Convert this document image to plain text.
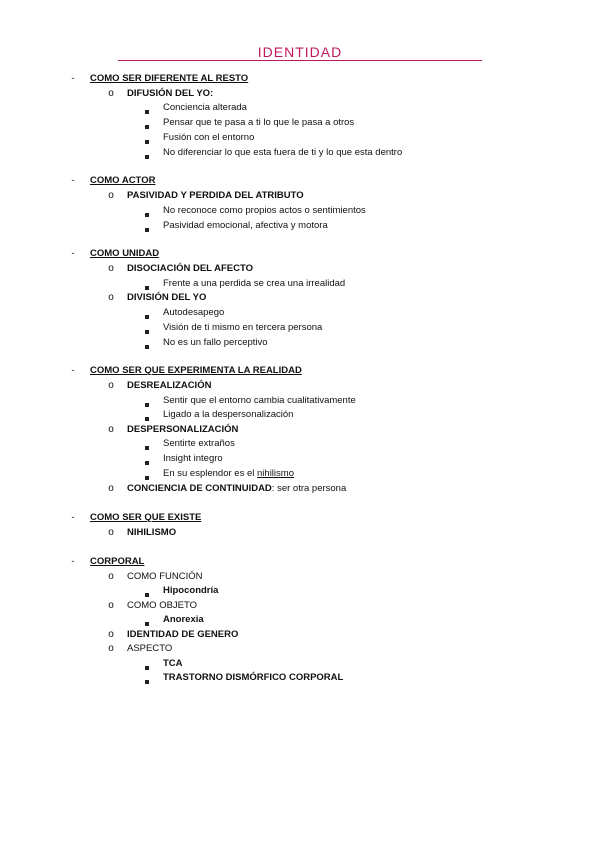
IDENTIDAD
-	COMO SER DIFERENTE AL RESTO
o DIFUSIÓN DEL YO:
Conciencia alterada
Pensar que te pasa a ti lo que le pasa a otros
Fusión con el entorno
No diferenciar lo que esta fuera de ti y lo que esta dentro
-	COMO ACTOR
o PASIVIDAD Y PERDIDA DEL ATRIBUTO
No reconoce como propios actos o sentimientos
Pasividad emocional, afectiva y motora
-	COMO UNIDAD
o DISOCIACIÓN DEL AFECTO
Frente a una perdida se crea una irrealidad
o DIVISIÓN DEL YO
Autodesapego
Visión de ti mismo en tercera persona
No es un fallo perceptivo
-	COMO SER QUE EXPERIMENTA LA REALIDAD
o DESREALIZACIÓN
Sentir que el entorno cambia cualitativamente
Ligado a la despersonalización
o DESPERSONALIZACIÓN
Sentirte extraños
Insight integro
En su esplendor es el nihilismo
o CONCIENCIA DE CONTINUIDAD: ser otra persona
-	COMO SER QUE EXISTE
o NIHILISMO
-	CORPORAL
o COMO FUNCIÓN
Hipocondría
o COMO OBJETO
Anorexia
o IDENTIDAD DE GENERO
o ASPECTO
TCA
TRASTORNO DISMÓRFICO CORPORAL
